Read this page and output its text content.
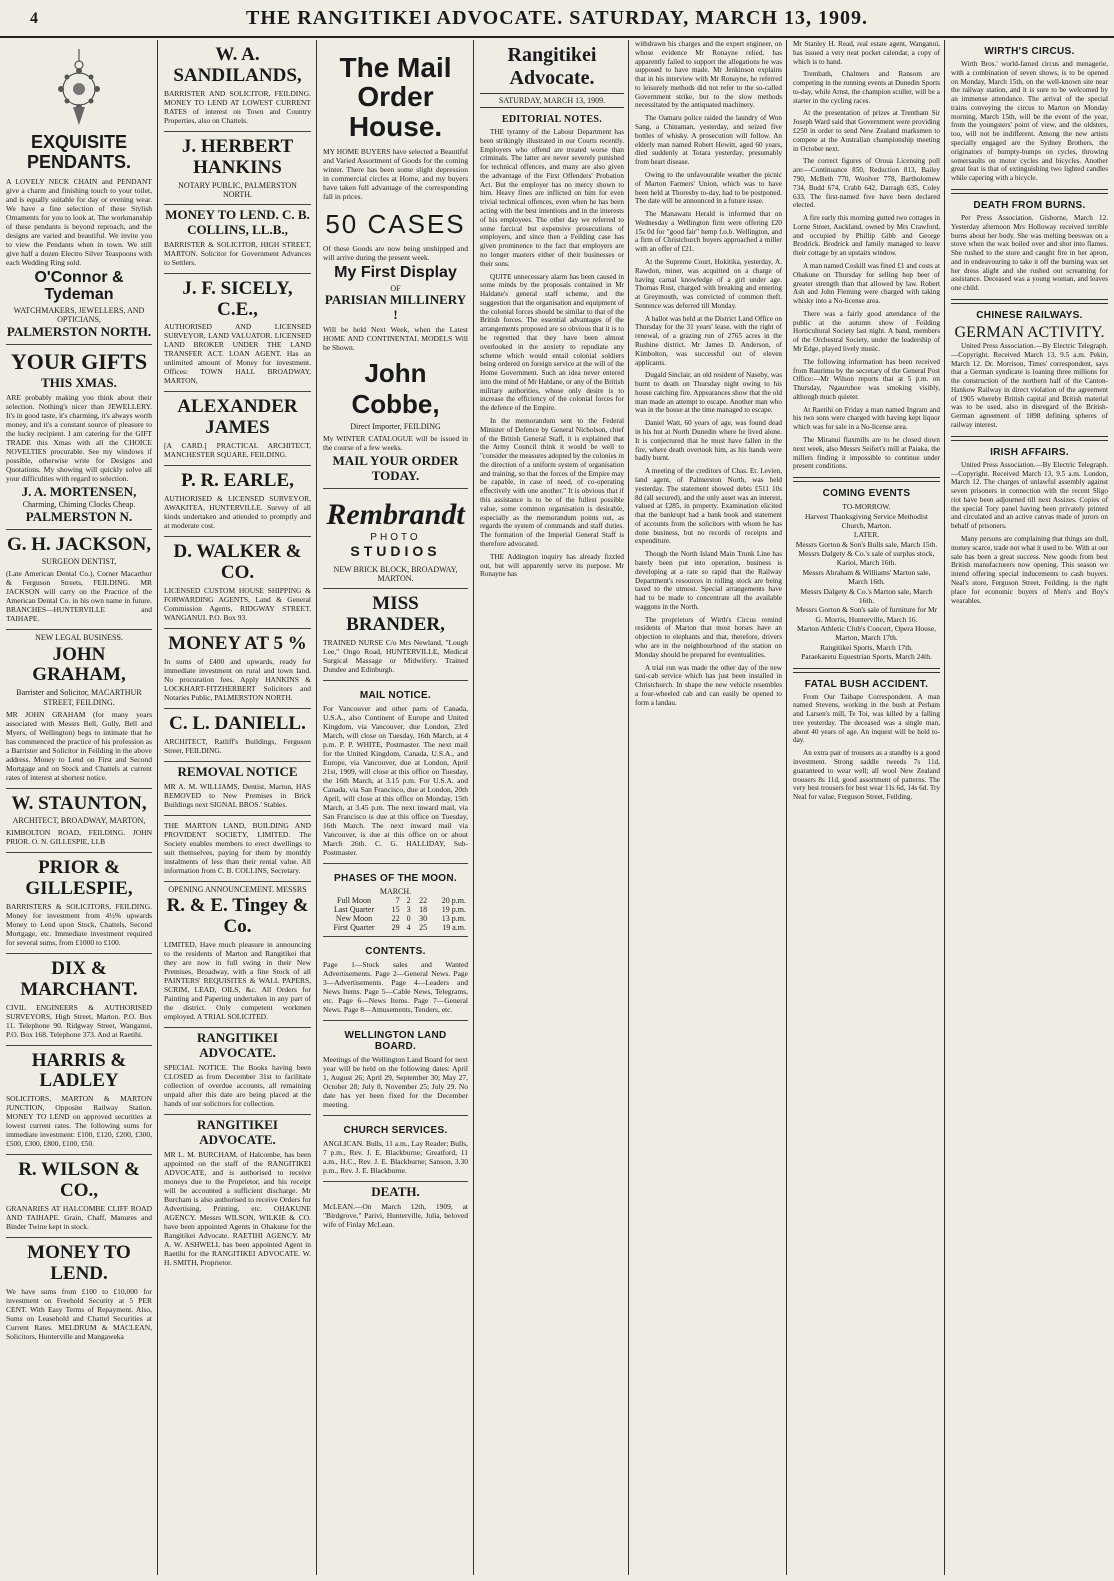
4	THE RANGITIKEI ADVOCATE. SATURDAY, MARCH 13, 1909.
EXQUISITE PENDANTS.
A LOVELY NECK CHAIN and PENDANT give a charm and finishing touch to your toilet, and is equally suitable for day or evening wear. We have a fine selection of these Stylish Ornaments for you to look at. The workmanship of these pendants is beyond reproach, and the designs are varied and beautiful. We invite you to view the Pendants when in town. We still give half a dozen Electro Silver Teaspoons with each Wedding Ring sold.
O'Connor & Tydeman
WATCHMAKERS, JEWELLERS, AND OPTICIANS,
PALMERSTON NORTH.
YOUR GIFTS
THIS XMAS.
ARE probably making you think about their selection. Nothing's nicer than JEWELLERY. It's in good taste, it's charming, it's always worth money, and it's a constant source of pleasure to the lucky recipient. I am catering for the GIFT TRADE this Xmas with all the CHOICE NOVELTIES procurable. See my windows if possible, otherwise write for Designs and Quotations. My showing will quickly solve all your difficulties with regard to selection.
J. A. MORTENSEN,
Charming, Chiming Clocks Cheap.
PALMERSTON N.
G. H. JACKSON,
SURGEON DENTIST,
(Late American Dental Co.), Corner Macarthur & Ferguson Streets, FEILDING. MR JACKSON will carry on the Practice of the American Dental Co. in his own name in future. BRANCHES—HUNTERVILLE and TAIHAPE.
NEW LEGAL BUSINESS.
JOHN GRAHAM,
Barrister and Solicitor, MACARTHUR STREET, FEILDING.
MR JOHN GRAHAM (for many years associated with Messrs Bell, Gully, Bell and Myers, of Wellington) begs to intimate that he has commenced the practice of his profession as a Barrister and Solicitor in Feilding in the above address. Money to Lend on First and Second Mortgage and on Stock and Chattels at current rates of interest at shortest notice.
W. STAUNTON,
ARCHITECT, BROADWAY, MARTON,
KIMBOLTON ROAD, FEILDING. JOHN PRIOR. O. N. GILLESPIE, LLB
PRIOR & GILLESPIE,
BARRISTERS & SOLICITORS, FEILDING. Money for investment from 4½% upwards Money to Lend upon Stock, Chattels, Second Mortgage, etc. Immediate investment required for several sums, from £1000 to £100.
DIX & MARCHANT.
CIVIL ENGINEERS & AUTHORISED SURVEYORS, High Street, Marton. P.O. Box 11. Telephone 90. Ridgway Street, Wanganui, P.O. Box 168. Telephone 373. And at Raetihi.
HARRIS & LADLEY
SOLICITORS, MARTON & MARTON JUNCTION, Opposite Railway Station. MONEY TO LEND on approved securities at lowest current rates. The following sums for immediate investment: £100, £120, £200, £300, £500, £300, £800, £100, £50.
R. WILSON & CO.,
GRANARIES AT HALCOMBE CLIFF ROAD AND TAIHAPE. Grain, Chaff, Manures and Binder Twine kept in stock.
MONEY TO LEND.
We have sums from £100 to £10,000 for investment on Freehold Security at 5 PER CENT. With Easy Terms of Repayment. Also, Sums on Leasehold and Chattel Securities at Current Rates. MELDRUM & MACLEAN, Solicitors, Hunterville and Mangaweka
W. A. SANDILANDS,
BARRISTER AND SOLICITOR, FEILDING. MONEY TO LEND AT LOWEST CURRENT RATES of interest on Town and Country Properties, also on Chattels.
J. HERBERT HANKINS
NOTARY PUBLIC, PALMERSTON NORTH.
MONEY TO LEND. C. B. COLLINS, LL.B.,
BARRISTER & SOLICITOR, HIGH STREET, MARTON. Solicitor for Government Advances to Settlers.
J. F. SICELY, C.E.,
AUTHORISED AND LICENSED SURVEYOR, LAND VALUATOR. LICENSED LAND BROKER UNDER THE LAND TRANSFER ACT. LOAN AGENT. Has an unlimited amount of Money for investment. Offices: TOWN HALL BROADWAY, MARTON,
ALEXANDER JAMES
[A CARD.] PRACTICAL ARCHITECT, MANCHESTER SQUARE, FEILDING.
P. R. EARLE,
AUTHORISED & LICENSED SURVEYOR, AWAKITEA, HUNTERVILLE. Survey of all kinds undertaken and attended to promptly and at moderate cost.
D. WALKER & CO.
LICENSED CUSTOM HOUSE SHIPPING & FORWARDING AGENTS, Land & General Commission Agents, RIDGWAY STREET, WANGANUI. P.O. Box 93.
MONEY AT 5 %
In sums of £400 and upwards, ready for immediate investment on rural and town land. No procuration fees. Apply HANKINS & LOCKHART-FITZHERBERT Solicitors and Notaries Public, PALMERSTON NORTH.
C. L. DANIELL.
ARCHITECT, Ratliff's Buildings, Ferguson Street, FEILDING.
REMOVAL NOTICE
MR A. M. WILLIAMS, Dentist, Marton, HAS REMOVED to New Premises in Brick Buildings next SIGNAL BROS.' Stables.
THE MARTON LAND, BUILDING AND PROVIDENT SOCIETY, LIMITED. The Society enables members to erect dwellings to suit themselves, paying for them by monthly instalments of less than their rental value. All information from C. B. COLLINS, Secretary.
OPENING ANNOUNCEMENT. MESSRS
R. & E. Tingey & Co.
LIMITED, Have much pleasure in announcing to the residents of Marton and Rangitikei that they are now in full swing in their New Premises, Broadway, with a fine Stock of all PAINTERS' REQUISITES & WALL PAPERS, SCRIM, LEAD, OILS, &c. All Orders for Painting and Papering undertaken in any part of the district. Only competent workmen employed. A TRIAL SOLICITED.
RANGITIKEI ADVOCATE.
SPECIAL NOTICE. The Books having been CLOSED as from December 31st to facilitate collection of overdue accounts, all remaining unpaid after this date are being placed at the hands of our solicitors for collection.
RANGITIKEI ADVOCATE.
MR L. M. BURCHAM, of Halcombe, has been appointed on the staff of the RANGITIKEI ADVOCATE, and is authorised to receive moneys due to the Proprietor, and his receipt will be accounted a sufficient discharge. Mr Burcham is also authorised to receive Orders for Advertising, Printing, etc. OHAKUNE AGENCY. Messrs WILSON, WILKIE & CO. have been appointed Agents in Ohakune for the Rangitikei Advocate. RAETIHI AGENCY. Mr A. W. ASHWELL has been appointed Agent in Raetihi for the RANGITIKEI ADVOCATE. W. H. SMITH, Proprietor.
The Mail Order House.
MY HOME BUYERS have selected a Beautiful and Varied Assortment of Goods for the coming winter. There has been some slight depression in commercial circles at Home, and my buyers have taken full advantage of the corresponding fall in prices.
50 CASES
Of these Goods are now being unshipped and will arrive during the present week.
My First Display
OF
PARISIAN MILLINERY !
Will be held Next Week, when the Latest HOME AND CONTINENTAL MODELS Will be Shown.
John Cobbe,
Direct Importer, FEILDING
My WINTER CATALOGUE will be issued in the course of a few weeks.
MAIL YOUR ORDER TODAY.
Rembrandt
PHOTO
STUDIOS
NEW BRICK BLOCK, BROADWAY, MARTON.
MISS BRANDER,
TRAINED NURSE C/o Mrs Newland, "Lough Lee," Ongo Road, HUNTERVILLE, Medical Surgical Massage or Midwifery. Trained Dundee and Edinburgh.
MAIL NOTICE.
For Vancouver and other parts of Canada, U.S.A., also Continent of Europe and United Kingdom, via Vancouver, due London, 23rd March, will close on Tuesday, 16th March, at 4 p.m. P. P. WHITE, Postmaster. The next mail for the United Kingdom, Canada, U.S.A., and Europe, via Vancouver, due at London, April 21st, 1909, will close at this office on Tuesday, the 16th March, at 3.15 p.m. For U.S.A. and Canada, via San Francisco, due at London, 20th April, will close at this office on Monday, 15th March, at 3.45 p.m. The next inward mail, via San Francisco is due at this office on Tuesday, 16th March. The next inward mail via Vancouver, is due at this office on or about March 26th. C. G. HALLIDAY, Sub-Postmaster.
PHASES OF THE MOON.
MARCH.
Full Moon	7	2	22	20 p.m.
Last Quarter	15	3	18	19 p.m.
New Moon	22	0	30	13 p.m.
First Quarter	29	4	25	19 a.m.
CONTENTS.
Page 1—Stock sales and Wanted Advertisements. Page 2—General News. Page 3—Advertisements. Page 4—Leaders and News Items. Page 5—Cable News, Telegrams, etc. Page 6—News Items. Page 7—General News. Page 8—Amusements, Tenders, etc.
WELLINGTON LAND BOARD.
Meetings of the Wellington Land Board for next year will be held on the following dates: April 1, August 26; April 29, September 30; May 27, October 28; July 8, November 25; July 29. No date has yet been fixed for the December meeting.
CHURCH SERVICES.
ANGLICAN. Bulls, 11 a.m., Lay Reader; Bulls, 7 p.m., Rev. J. E. Blackburne; Greatford, 11 a.m., H.C., Rev. J. E. Blackburne; Sanson, 3.30 p.m., Rev. J. E. Blackburne.
DEATH.
McLEAN.—On March 12th, 1909, at "Birdgrove," Parivi, Hunterville, Julia, beloved wife of Finlay McLean.
Rangitikei Advocate.
SATURDAY, MARCH 13, 1909.
EDITORIAL NOTES.

THE tyranny of the Labour Department has been strikingly illustrated in our Courts recently. Employers who offend are treated worse than criminals. The latter are never severely punished for technical offences, and many are also given the advantage of the First Offenders' Probation Act. But the employer has no mercy shown to him. Heavy fines are inflicted on him for even trivial technical offences, even when he has been acting with the best intentions and in the interests of his employees. The other day we referred to some farcical but expensive prosecutions of employers, and since then a Feilding case has given prominence to the fact that employers are no longer masters either of their businesses or their sons.

QUITE unnecessary alarm has been caused in some minds by the proposals contained in Mr Haldane's general staff scheme, and the suggestion that the organisation and equipment of the colonial forces should be similar to that of the British forces. The essential advantages of the arrangements proposed are so obvious that it is to be regretted that they have been almost overlooked in the anxiety to repudiate any scheme which would entail colonial soldiers being ordered on foreign service at the will of the Home Government. Such an idea never entered into the mind of Mr Haldane, or any of the British military authorities, whose only desire is to increase the efficiency of the colonial forces for the defence of the Empire.

In the memorandum sent to the Federal Minister of Defence by General Nicholson, chief of the British General Staff, it is explained that the Army Council think it would be well to "consider the measures adopted by the colonies in the direction of a uniform system of organisation and training, so that the forces of the Empire may be capable, in case of need, of co-operating effectively with one another." It is obvious that if this assistance is to be of the fullest possible value, some common organisation is desirable, especially as the memorandum points out, as regards the system of commands and staff duties. The formation of the Imperial General Staff is therefore advocated.

THE Addington inquiry has already fizzled out, but will apparently serve its purpose. Mr Ronayne has

withdrawn his charges and the expert engineer, on whose evidence Mr Ronayne relied, has apparently failed to support the allegations he was supposed to have made. Mr Jenkinson explains that in his interview with Mr Ronayne, he referred to leisurely methods did not refer to the so-called Government strike, but to the slow methods necessitated by the antiquated machinery.

The Oamaru police raided the laundry of Won Sang, a Chinaman, yesterday, and seized five bottles of whisky. A prosecution will follow. An elderly man named Robert Hewitt, aged 60 years, died suddenly at Totara yesterday, presumably from heart disease.

Owing to the unfavourable weather the picnic of Marton Farmers' Union, which was to have been held at Thoresby to-day, had to be postponed. The date will be announced in a future issue.

The Manawatu Herald is informed that on Wednesday a Wellington firm were offering £20 15s 0d for "good fair" hemp f.o.b. Wellington, and a firm of Christchurch buyers approached a miller with an offer of £21.

At the Supreme Court, Hokitika, yesterday, A. Rawdon, miner, was acquitted on a charge of having carnal knowledge of a girl under age. Thomas Rust, charged with breaking and entering at Greymouth, was convicted of common theft. Sentence was deferred till Monday.

A ballot was held at the District Land Office on Thursday for the 31 years' lease, with the right of renewal, of a grazing run of 2765 acres in the Rushine district. Mr James D. Anderson, of Kimbolton, was successful out of eleven applicants.

Dugald Sinclair, an old resident of Naseby, was burnt to death on Thursday night owing to his house catching fire. Appearances show that the old man made an attempt to escape. Another man who was in the house at the time managed to escape.

Daniel Watt, 60 years of age, was found dead in his hut at North Dunedin where he lived alone. It is conjectured that he must have fallen in the fire, where death overtook him, as his hands were badly burnt.

A meeting of the creditors of Chas. Et. Levien, land agent, of Palmerston North, was held yesterday. The statement showed debts £511 10s 8d (all secured), and the only asset was an interest, valued at £285, in property. Examination elicited that the bankrupt had a bank book and statement of accounts from the solicitors with whom he has done business, but no records of receipts and expenditure.

Though the North Island Main Trunk Line has barely been put into operation, business is developing at a rate so rapid that the Railway Department's resources in rolling stock are being taxed to the utmost. Special arrangements have had to be made to concentrate all the available waggons in the North.

The proprietors of Wirth's Circus remind residents of Marton that most horses have an objection to elephants and that, therefore, drivers who are in the neighbourhood of the station on Monday should be prepared for eventualities.

A trial run was made the other day of the new taxi-cab service which has just been installed in Christchurch. In shape the new vehicle resembles a four-wheeled cab and can easily be opened to form a landau.

Mr Stanley H. Read, real estate agent, Wanganui, has issued a very neat pocket calendar, a copy of which is to hand.

Trembath, Chalmers and Ransom are competing in the running events at Dunedin Sports to-day, while Arnst, the champion sculler, will be a starter in the cycling races.

At the presentation of prizes at Trentham Sir Joseph Ward said that Government were providing £250 in order to send New Zealand marksmen to compete at the Australian championship meeting in October next.

The correct figures of Oroua Licensing poll are:—Continuance 850, Reduction 813, Bailey 790, McBeth 770, Woolver 778, Bartholomew 734, Budd 674, Crabb 642, Darragh 635, Coley 633. The first-named five have been declared elected.

A fire early this morning gutted two cottages in Lorne Street, Auckland, owned by Mrs Crawford, and occupied by Phillip Gibb and George Brodrick. Brodrick and family managed to leave their cottage by an upstairs window.

A man named Coskill was fined £1 and costs at Ohakune on Thursday for selling hop beer of greater strength than that allowed by law. Robert Ash and John Fleming were charged with taking whisky into a No-license area.

There was a fairly good attendance of the public at the autumn show of Feilding Horticultural Society last night. A band, members of the Orchestral Society, under the leadership of Mr Edge, played lively music.

The following information has been received from Raurimu by the secretary of the General Post Office:—Mr Wilson reports that at 5 p.m. on Thursday, Ngauruhoe was smoking visibly, although much quieter.

At Raetihi on Friday a man named Ingram and his two sons were charged with having kept liquor which was for sale in a No-license area.

The Miranui flaxmills are to be closed down next week, also Messrs Seifert's mill at Paiaka, the millers finding it impossible to continue under present conditions.

COMING EVENTS

TO-MORROW.

Harvest Thanksgiving Service Methodist Church, Marton.

LATER.

Messrs Gorton & Son's Bulls sale, March 15th.

Messrs Dalgety & Co.'s sale of surplus stock, Karioi, March 16th.

Messrs Abraham & Williams' Marton sale, March 16th.

Messrs Dalgety & Co.'s Marton sale, March 16th.

Messrs Gorton & Son's sale of furniture for Mr G. Morris, Hunterville, March 16.

Marton Athletic Club's Concert, Opera House, Marton, March 17th.

Rangitikei Sports, March 17th.

Paraekaretu Equestrian Sports, March 24th.

FATAL BUSH ACCIDENT.

From Our Taihape Correspondent. A man named Stevens, working in the bush at Perham and Larsen's mill, Te Toi, was killed by a falling tree yesterday. The deceased was a single man, about 40 years of age. An inquest will be held to-day.

An extra pair of trousers as a standby is a good investment. Strong saddle tweeds 7s 11d, guaranteed to wear well; all wool New Zealand trousers 8s 11d, good assortment of patterns. The very best trousers for best wear 11s 6d, 14s 6d. Try Neal for value, Ferguson Street, Feilding.

WIRTH'S CIRCUS.

Wirth Bros.' world-famed circus and menagerie, with a combination of seven shows, is to be opened on Monday, March 15th, on the well-known site near the railway station, and it is sure to be welcomed by an immense attendance. The arrival of the special trains conveying the circus to Marton on Monday morning, March 15th, will be the event of the year, from the youngsters' point of view, and the oldsters, too, will not be indifferent. Among the new artists specially engaged are the Sydney Brothers, the originators of bumpty-bumps on cycles, throwing somersaults on motor cycles and bicycles. Another great feat is that of extinguishing two lighted candles while capering with a bicycle.

DEATH FROM BURNS.

Per Press Association. Gisborne, March 12. Yesterday afternoon Mrs Holloway received terrible burns about her body. She was melting beeswax on a stove when the wax boiled over and shot into flames. She rushed to the store and caught fire in her apron, and in endeavouring to take it off the burning wax set her dress alight and she rushed out screaming for assistance. Deceased was a young woman, and leaves one child.

CHINESE RAILWAYS.
GERMAN ACTIVITY.

United Press Association.—By Electric Telegraph.—Copyright. Received March 13, 9.5 a.m. Pekin, March 12. Dr. Morrison, Times' correspondent, says that a German syndicate is loaning three millions for the construction of the northern half of the Canton-Hankow Railway in direct violation of the agreement of 1905 whereby British capital and British material was to be used, also in disregard of the British-German agreement of 1898 defining spheres of railway interest.

IRISH AFFAIRS.

United Press Association.—By Electric Telegraph.—Copyright. Received March 13, 9.5 a.m. London, March 12. The charges of unlawful assembly against seven prisoners in connection with the recent Sligo riot have been adjourned till next Assizes. Copies of the special Tory panel having been privately printed and circulated and an active canvas made of jurors on behalf of prisoners.

Many persons are complaining that things are dull, money scarce, trade not what it used to be. With at our sale has been a great success. New goods from best British manufacturers now opening. This season we intend offering special inducements to cash buyers. Neal's store, Ferguson Street, Feilding, is the right place for economic buyers of Men's and Boy's wearables.
